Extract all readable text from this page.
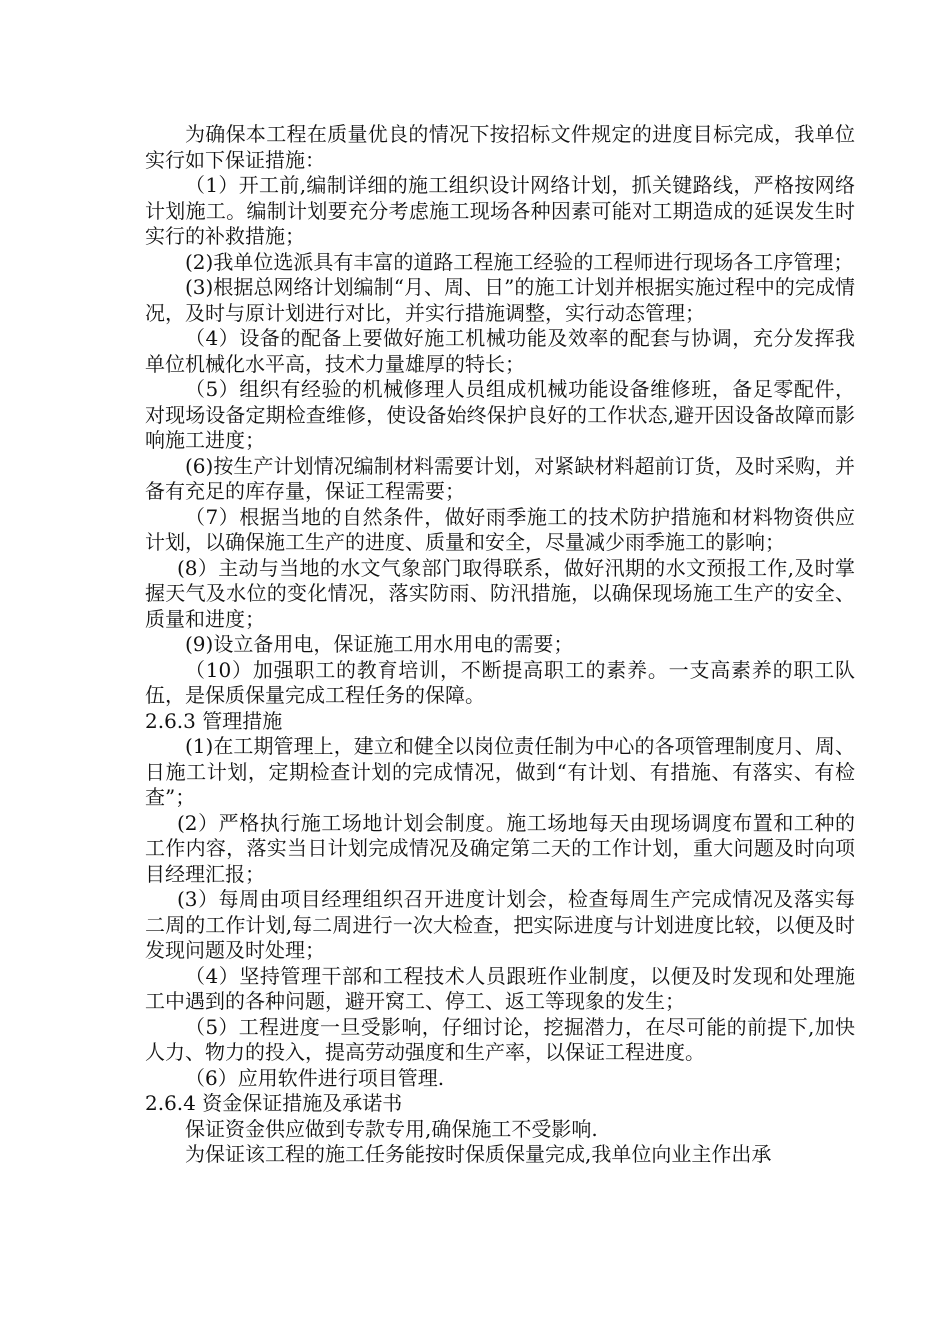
为确保本工程在质量优良的情况下按招标文件规定的进度目标完成，我单位实行如下保证措施：

（1）开工前,编制详细的施工组织设计网络计划，抓关键路线，严格按网络计划施工。编制计划要充分考虑施工现场各种因素可能对工期造成的延误发生时实行的补救措施；

(2)我单位选派具有丰富的道路工程施工经验的工程师进行现场各工序管理；

(3)根据总网络计划编制“月、周、日”的施工计划并根据实施过程中的完成情况，及时与原计划进行对比，并实行措施调整，实行动态管理；

（4）设备的配备上要做好施工机械功能及效率的配套与协调，充分发挥我单位机械化水平高，技术力量雄厚的特长；

（5）组织有经验的机械修理人员组成机械功能设备维修班，备足零配件，对现场设备定期检查维修，使设备始终保护良好的工作状态,避开因设备故障而影响施工进度；

(6)按生产计划情况编制材料需要计划，对紧缺材料超前订货，及时采购，并备有充足的库存量，保证工程需要；

（7）根据当地的自然条件，做好雨季施工的技术防护措施和材料物资供应计划，以确保施工生产的进度、质量和安全，尽量减少雨季施工的影响；

(8）主动与当地的水文气象部门取得联系，做好汛期的水文预报工作,及时掌握天气及水位的变化情况，落实防雨、防汛措施，以确保现场施工生产的安全、质量和进度；

(9)设立备用电，保证施工用水用电的需要；

（10）加强职工的教育培训，不断提高职工的素养。一支高素养的职工队伍，是保质保量完成工程任务的保障。

2.6.3 管理措施

(1)在工期管理上，建立和健全以岗位责任制为中心的各项管理制度月、周、日施工计划，定期检查计划的完成情况，做到“有计划、有措施、有落实、有检查”；

(2）严格执行施工场地计划会制度。施工场地每天由现场调度布置和工种的工作内容，落实当日计划完成情况及确定第二天的工作计划，重大问题及时向项目经理汇报；

(3）每周由项目经理组织召开进度计划会，检查每周生产完成情况及落实每二周的工作计划,每二周进行一次大检查，把实际进度与计划进度比较，以便及时发现问题及时处理；

（4）坚持管理干部和工程技术人员跟班作业制度，以便及时发现和处理施工中遇到的各种问题，避开窝工、停工、返工等现象的发生；

（5）工程进度一旦受影响，仔细讨论，挖掘潜力，在尽可能的前提下,加快人力、物力的投入，提高劳动强度和生产率，以保证工程进度。

（6）应用软件进行项目管理.

2.6.4 资金保证措施及承诺书

保证资金供应做到专款专用,确保施工不受影响.

为保证该工程的施工任务能按时保质保量完成,我单位向业主作出承
